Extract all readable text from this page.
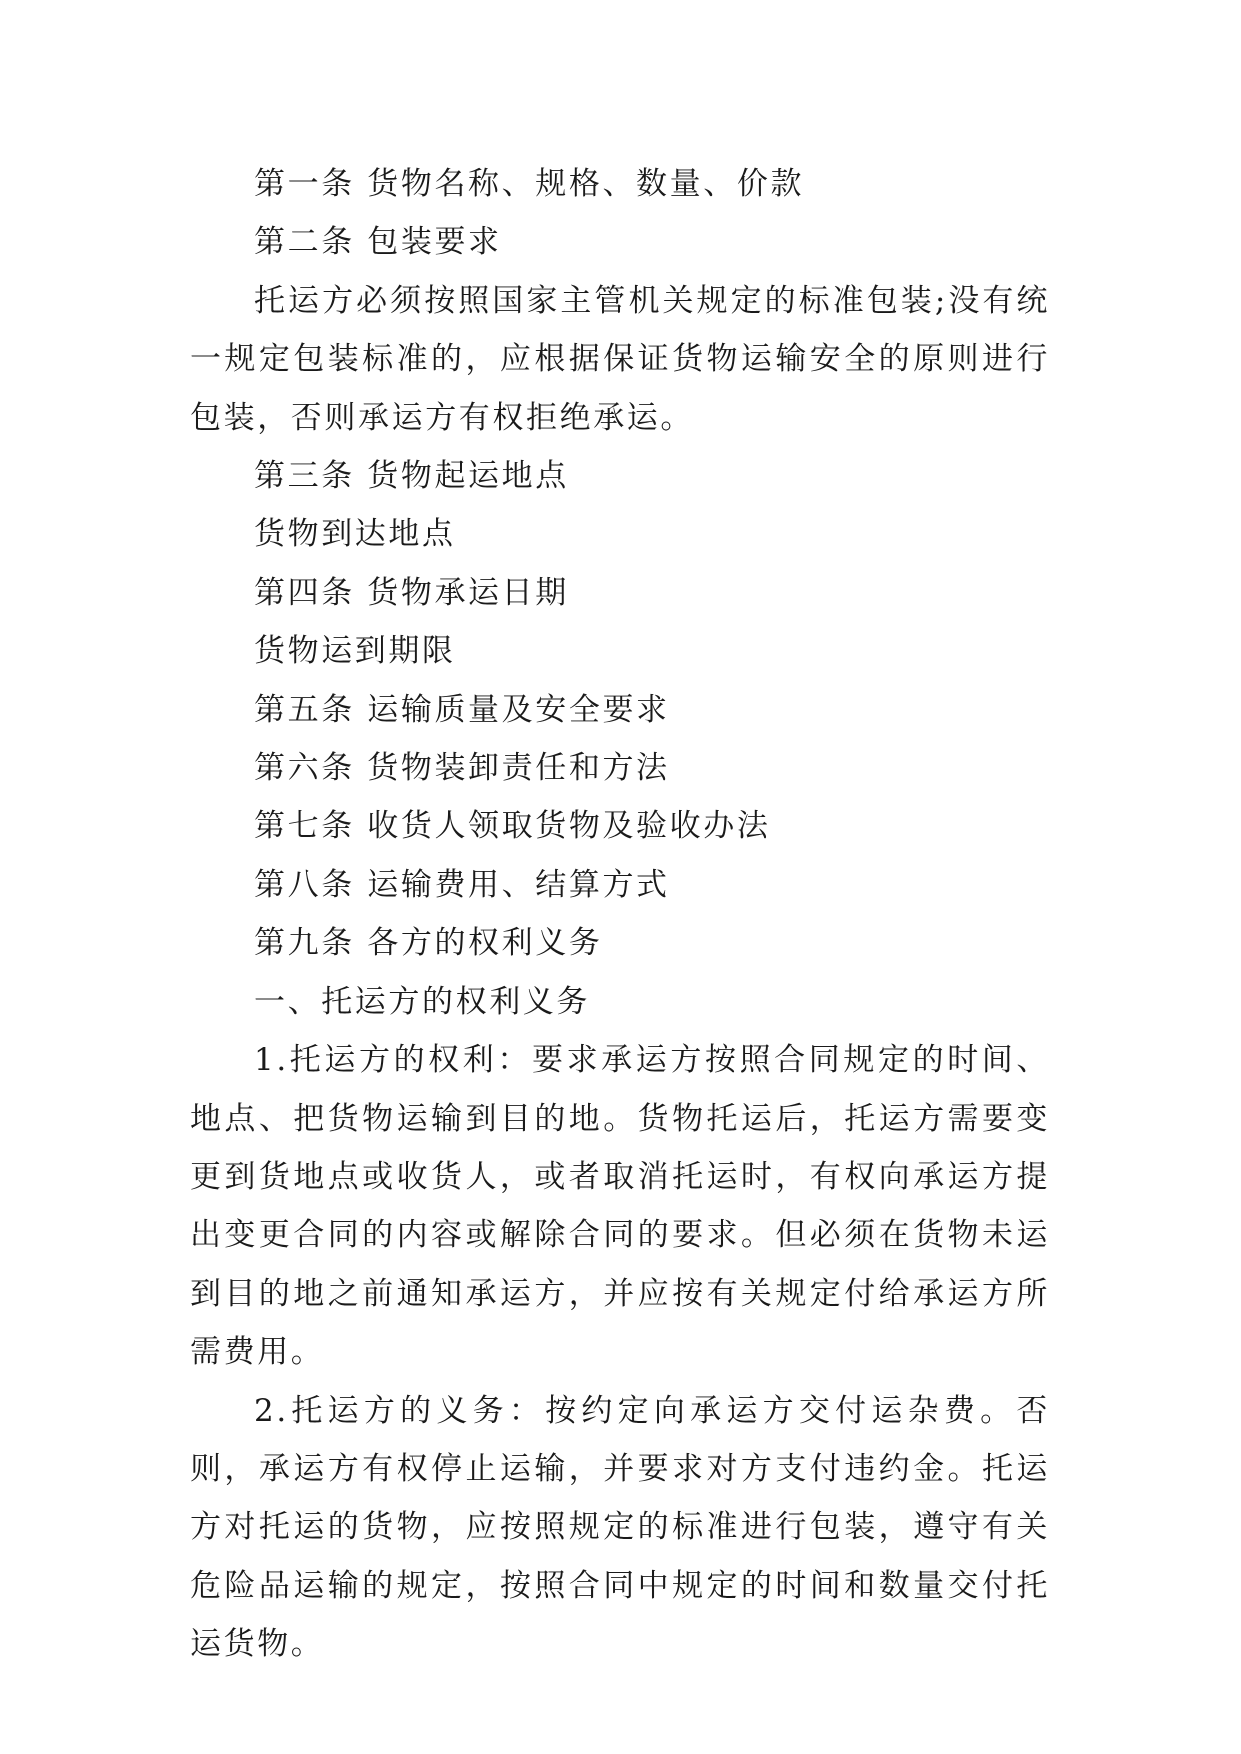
第一条 货物名称、规格、数量、价款

第二条 包装要求

托运方必须按照国家主管机关规定的标准包装;没有统一规定包装标准的，应根据保证货物运输安全的原则进行包装，否则承运方有权拒绝承运。

第三条 货物起运地点

货物到达地点

第四条 货物承运日期

货物运到期限

第五条 运输质量及安全要求

第六条 货物装卸责任和方法

第七条 收货人领取货物及验收办法

第八条 运输费用、结算方式

第九条 各方的权利义务

一、托运方的权利义务

1.托运方的权利：要求承运方按照合同规定的时间、地点、把货物运输到目的地。货物托运后，托运方需要变更到货地点或收货人，或者取消托运时，有权向承运方提出变更合同的内容或解除合同的要求。但必须在货物未运到目的地之前通知承运方，并应按有关规定付给承运方所需费用。

2.托运方的义务：按约定向承运方交付运杂费。否则，承运方有权停止运输，并要求对方支付违约金。托运方对托运的货物，应按照规定的标准进行包装，遵守有关危险品运输的规定，按照合同中规定的时间和数量交付托运货物。
